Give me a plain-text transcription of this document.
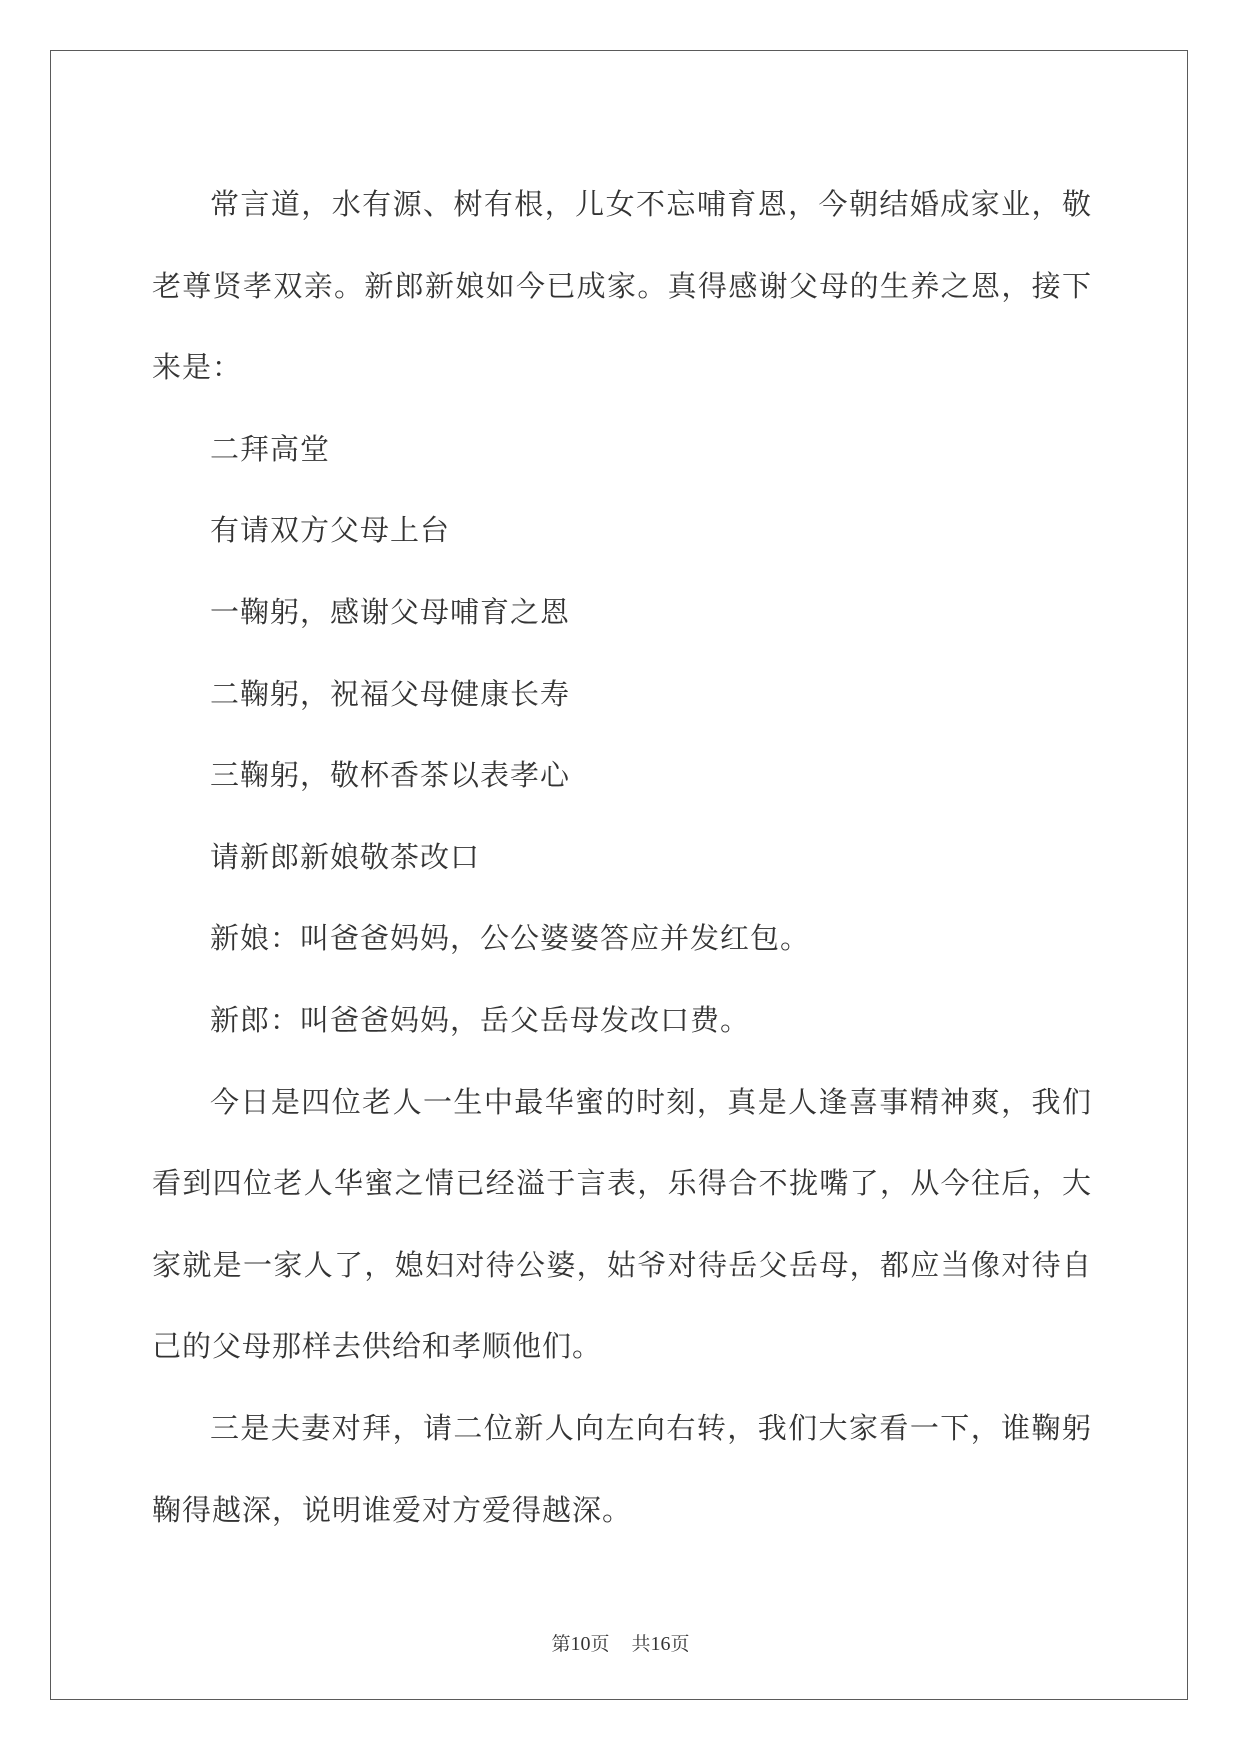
常言道，水有源、树有根，儿女不忘哺育恩，今朝结婚成家业，敬老尊贤孝双亲。新郎新娘如今已成家。真得感谢父母的生养之恩，接下来是：

二拜高堂

有请双方父母上台

一鞠躬，感谢父母哺育之恩

二鞠躬，祝福父母健康长寿

三鞠躬，敬杯香茶以表孝心

请新郎新娘敬茶改口

新娘：叫爸爸妈妈，公公婆婆答应并发红包。

新郎：叫爸爸妈妈，岳父岳母发改口费。

今日是四位老人一生中最华蜜的时刻，真是人逢喜事精神爽，我们看到四位老人华蜜之情已经溢于言表，乐得合不拢嘴了，从今往后，大家就是一家人了，媳妇对待公婆，姑爷对待岳父岳母，都应当像对待自己的父母那样去供给和孝顺他们。

三是夫妻对拜，请二位新人向左向右转，我们大家看一下，谁鞠躬鞠得越深，说明谁爱对方爱得越深。

第10页 共16页
